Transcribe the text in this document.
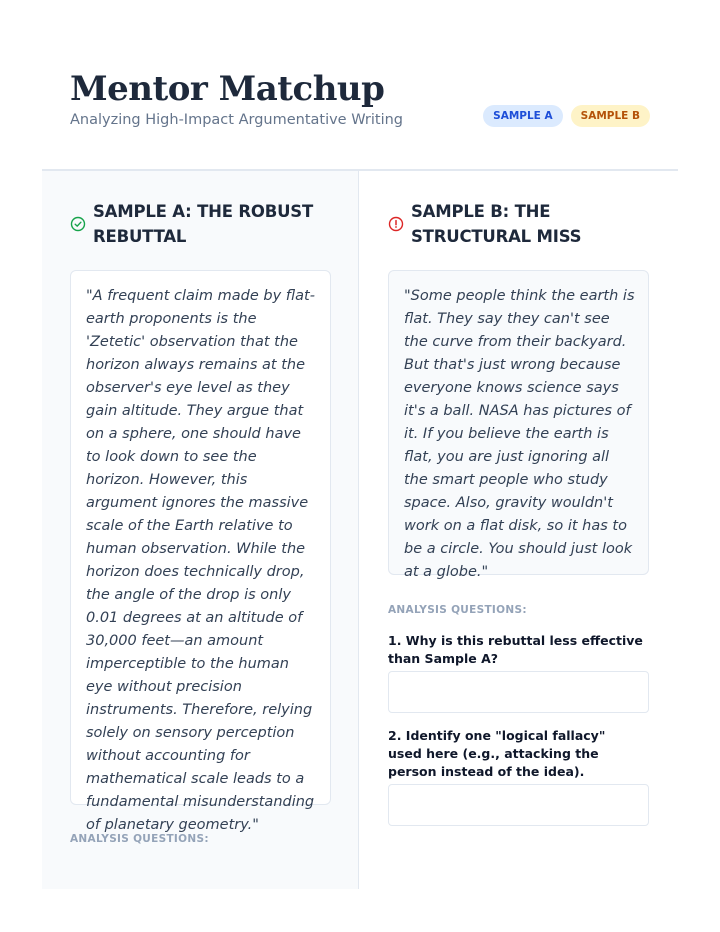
Mentor Matchup
Analyzing High-Impact Argumentative Writing	SAMPLE A	SAMPLE B
SAMPLE A: THE ROBUST REBUTTAL
"A frequent claim made by flat-earth proponents is the 'Zetetic' observation that the horizon always remains at the observer's eye level as they gain altitude. They argue that on a sphere, one should have to look down to see the horizon. However, this argument ignores the massive scale of the Earth relative to human observation. While the horizon does technically drop, the angle of the drop is only 0.01 degrees at an altitude of 30,000 feet—an amount imperceptible to the human eye without precision instruments. Therefore, relying solely on sensory perception without accounting for mathematical scale leads to a fundamental misunderstanding of planetary geometry."
ANALYSIS QUESTIONS:
SAMPLE B: THE STRUCTURAL MISS
"Some people think the earth is flat. They say they can't see the curve from their backyard. But that's just wrong because everyone knows science says it's a ball. NASA has pictures of it. If you believe the earth is flat, you are just ignoring all the smart people who study space. Also, gravity wouldn't work on a flat disk, so it has to be a circle. You should just look at a globe."
ANALYSIS QUESTIONS:
1. Why is this rebuttal less effective than Sample A?
2. Identify one "logical fallacy" used here (e.g., attacking the person instead of the idea).
